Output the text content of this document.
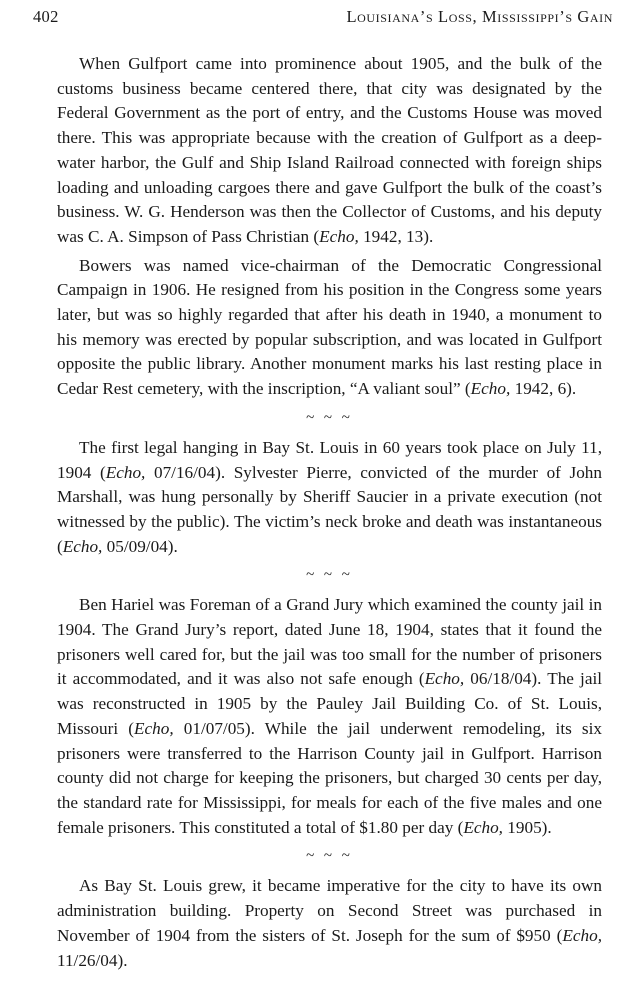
402	Louisiana’s Loss, Mississippi’s Gain

When Gulfport came into prominence about 1905, and the bulk of the customs business became centered there, that city was designated by the Federal Government as the port of entry, and the Customs House was moved there. This was appropriate because with the creation of Gulfport as a deep-water harbor, the Gulf and Ship Island Railroad connected with foreign ships loading and unloading cargoes there and gave Gulfport the bulk of the coast’s business. W. G. Henderson was then the Collector of Customs, and his deputy was C. A. Simpson of Pass Christian (Echo, 1942, 13).

Bowers was named vice-chairman of the Democratic Congressional Campaign in 1906. He resigned from his position in the Congress some years later, but was so highly regarded that after his death in 1940, a monument to his memory was erected by popular subscription, and was located in Gulfport opposite the public library. Another monument marks his last resting place in Cedar Rest cemetery, with the inscription, “A valiant soul” (Echo, 1942, 6).

~ ~ ~

The first legal hanging in Bay St. Louis in 60 years took place on July 11, 1904 (Echo, 07/16/04). Sylvester Pierre, convicted of the murder of John Marshall, was hung personally by Sheriff Saucier in a private execution (not witnessed by the public). The victim’s neck broke and death was instantaneous (Echo, 05/09/04).

~ ~ ~

Ben Hariel was Foreman of a Grand Jury which examined the county jail in 1904. The Grand Jury’s report, dated June 18, 1904, states that it found the prisoners well cared for, but the jail was too small for the number of prisoners it accommodated, and it was also not safe enough (Echo, 06/18/04). The jail was reconstructed in 1905 by the Pauley Jail Building Co. of St. Louis, Missouri (Echo, 01/07/05). While the jail underwent remodeling, its six prisoners were transferred to the Harrison County jail in Gulfport. Harrison county did not charge for keeping the prisoners, but charged 30 cents per day, the standard rate for Mississippi, for meals for each of the five males and one female prisoners. This constituted a total of $1.80 per day (Echo, 1905).

~ ~ ~

As Bay St. Louis grew, it became imperative for the city to have its own administration building. Property on Second Street was purchased in November of 1904 from the sisters of St. Joseph for the sum of $950 (Echo, 11/26/04).
